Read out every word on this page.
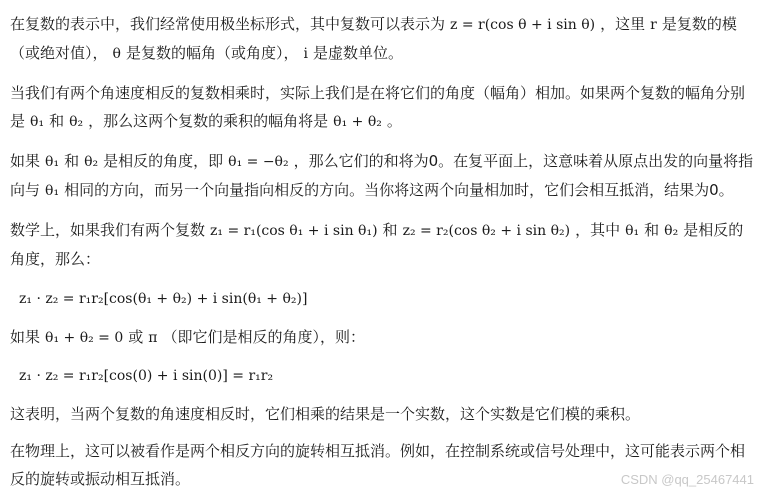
在复数的表示中，我们经常使用极坐标形式，其中复数可以表示为 z = r(cos θ + i sin θ) ，这里 r 是复数的模（或绝对值）， θ 是复数的幅角（或角度）， i 是虚数单位。

当我们有两个角速度相反的复数相乘时，实际上我们是在将它们的角度（幅角）相加。如果两个复数的幅角分别是 θ₁ 和 θ₂ ，那么这两个复数的乘积的幅角将是 θ₁ + θ₂ 。

如果 θ₁ 和 θ₂ 是相反的角度，即 θ₁ = −θ₂ ，那么它们的和将为0。在复平面上，这意味着从原点出发的向量将指向与 θ₁ 相同的方向，而另一个向量指向相反的方向。当你将这两个向量相加时，它们会相互抵消，结果为0。

数学上，如果我们有两个复数 z₁ = r₁(cos θ₁ + i sin θ₁) 和 z₂ = r₂(cos θ₂ + i sin θ₂) ，其中 θ₁ 和 θ₂ 是相反的角度，那么：

z₁ · z₂ = r₁r₂[cos(θ₁ + θ₂) + i sin(θ₁ + θ₂)]

如果 θ₁ + θ₂ = 0 或 π （即它们是相反的角度），则：

z₁ · z₂ = r₁r₂[cos(0) + i sin(0)] = r₁r₂

这表明，当两个复数的角速度相反时，它们相乘的结果是一个实数，这个实数是它们模的乘积。

在物理上，这可以被看作是两个相反方向的旋转相互抵消。例如，在控制系统或信号处理中，这可能表示两个相反的旋转或振动相互抵消。	CSDN @qq_25467441
